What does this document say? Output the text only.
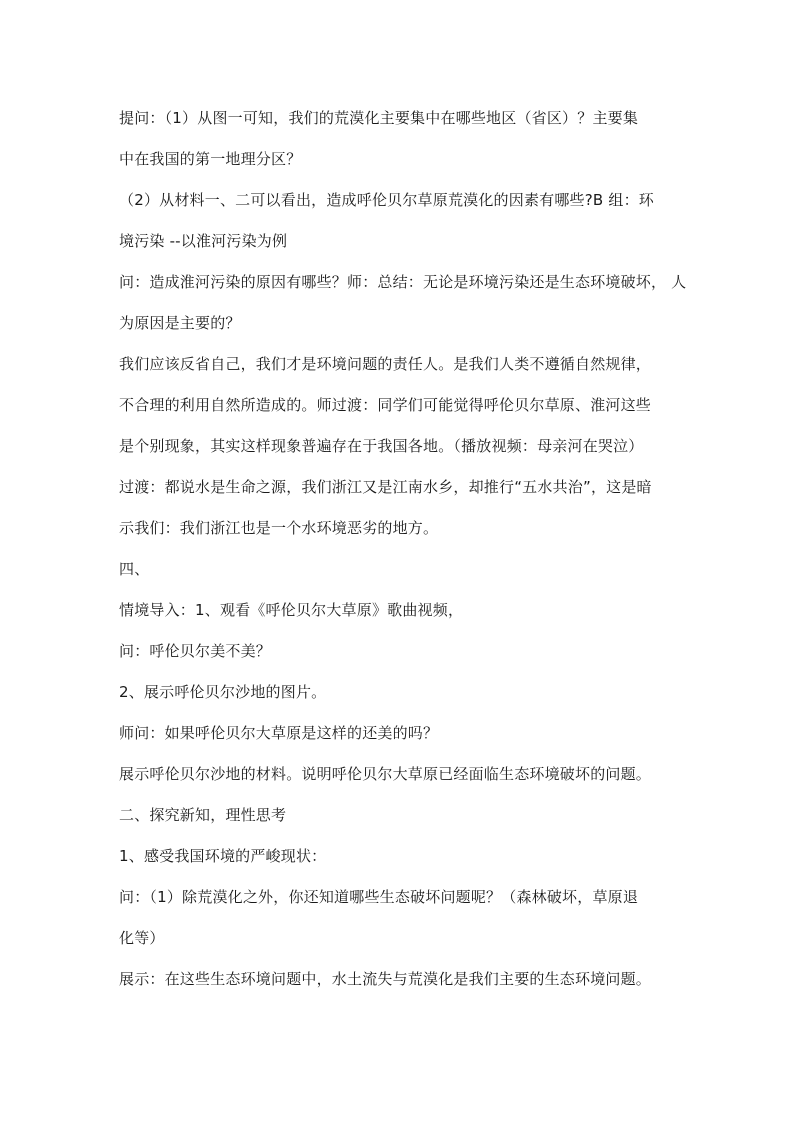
提问：（1）从图一可知，我们的荒漠化主要集中在哪些地区（省区）？主要集
中在我国的第一地理分区？
（2）从材料一、二可以看出，造成呼伦贝尔草原荒漠化的因素有哪些?B 组：环
境污染 --以淮河污染为例
问：造成淮河污染的原因有哪些？师：总结：无论是环境污染还是生态环境破坏， 人
为原因是主要的？
我们应该反省自己，我们才是环境问题的责任人。是我们人类不遵循自然规律，
不合理的利用自然所造成的。师过渡：同学们可能觉得呼伦贝尔草原、淮河这些
是个别现象，其实这样现象普遍存在于我国各地。（播放视频：母亲河在哭泣）
过渡：都说水是生命之源，我们浙江又是江南水乡，却推行“五水共治”，这是暗
示我们：我们浙江也是一个水环境恶劣的地方。
四、
情境导入：1、观看《呼伦贝尔大草原》歌曲视频，
问：呼伦贝尔美不美？
2、展示呼伦贝尔沙地的图片。
师问：如果呼伦贝尔大草原是这样的还美的吗？
展示呼伦贝尔沙地的材料。说明呼伦贝尔大草原已经面临生态环境破坏的问题。
二、探究新知，理性思考
1、感受我国环境的严峻现状：
问：（1）除荒漠化之外，你还知道哪些生态破坏问题呢？（森林破坏，草原退
化等）
展示：在这些生态环境问题中，水土流失与荒漠化是我们主要的生态环境问题。
